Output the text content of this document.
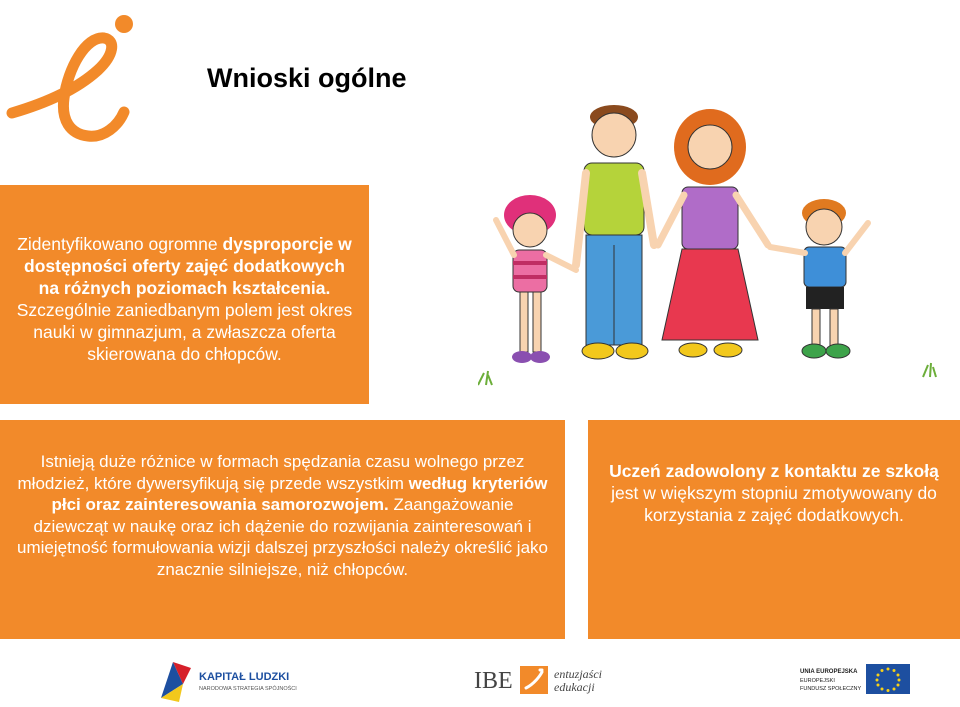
Wnioski ogólne

Zidentyfikowano ogromne dysproporcje w dostępności oferty zajęć dodatkowych na różnych poziomach kształcenia. Szczególnie zaniedbanym polem jest okres nauki w gimnazjum, a zwłaszcza oferta skierowana do chłopców.

Istnieją duże różnice w formach spędzania czasu wolnego przez młodzież, które dywersyfikują się przede wszystkim według kryteriów płci oraz zainteresowania samorozwojem. Zaangażowanie dziewcząt w naukę oraz ich dążenie do rozwijania zainteresowań i umiejętność formułowania wizji dalszej przyszłości należy określić jako znacznie silniejsze, niż chłopców.

Uczeń zadowolony z kontaktu ze szkołą jest w większym stopniu zmotywowany do korzystania z zajęć dodatkowych.

KAPITAŁ LUDZKI
NARODOWA STRATEGIA SPÓJNOŚCI	IBE	entuzjaści
edukacji
UNIA EUROPEJSKA
EUROPEJSKI
FUNDUSZ SPOŁECZNY
